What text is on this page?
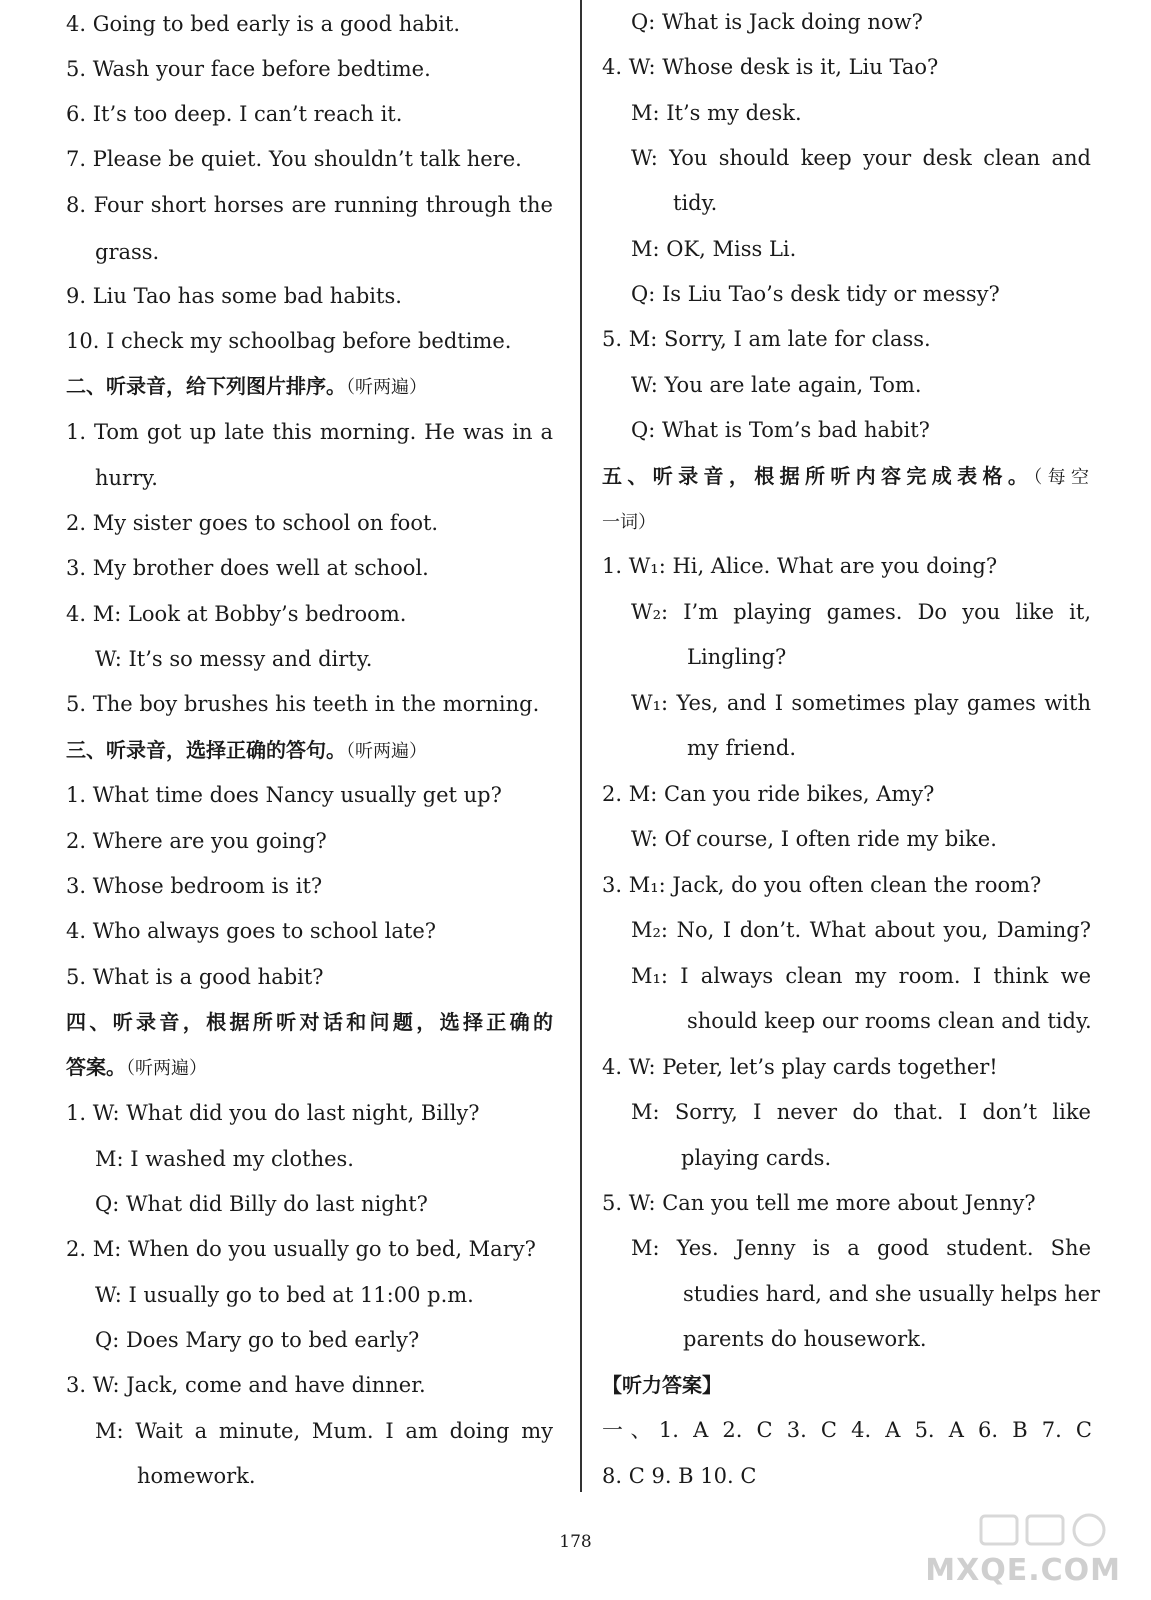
4. Going to bed early is a good habit.
5. Wash your face before bedtime.
6. It’s too deep. I can’t reach it.
7. Please be quiet. You shouldn’t talk here.
8. Four short horses are running through the
grass.
9. Liu Tao has some bad habits.
10. I check my schoolbag before bedtime.
二、听录音，给下列图片排序。（听两遍）
1. Tom got up late this morning. He was in a
hurry.
2. My sister goes to school on foot.
3. My brother does well at school.
4. M: Look at Bobby’s bedroom.
W: It’s so messy and dirty.
5. The boy brushes his teeth in the morning.
三、听录音，选择正确的答句。（听两遍）
1. What time does Nancy usually get up?
2. Where are you going?
3. Whose bedroom is it?
4. Who always goes to school late?
5. What is a good habit?
四、听录音，根据所听对话和问题，选择正确的
答案。（听两遍）
1. W: What did you do last night, Billy?
M: I washed my clothes.
Q: What did Billy do last night?
2. M: When do you usually go to bed, Mary?
W: I usually go to bed at 11:00 p.m.
Q: Does Mary go to bed early?
3. W: Jack, come and have dinner.
M: Wait a minute, Mum. I am doing my
homework.
Q: What is Jack doing now?
4. W: Whose desk is it, Liu Tao?
M: It’s my desk.
W: You should keep your desk clean and
tidy.
M: OK, Miss Li.
Q: Is Liu Tao’s desk tidy or messy?
5. M: Sorry, I am late for class.
W: You are late again, Tom.
Q: What is Tom’s bad habit?
五、听录音，根据所听内容完成表格。（每空
一词）
1. W₁: Hi, Alice. What are you doing?
W₂: I’m playing games. Do you like it,
Lingling?
W₁: Yes, and I sometimes play games with
my friend.
2. M: Can you ride bikes, Amy?
W: Of course, I often ride my bike.
3. M₁: Jack, do you often clean the room?
M₂: No, I don’t. What about you, Daming?
M₁: I always clean my room. I think we
should keep our rooms clean and tidy.
4. W: Peter, let’s play cards together!
M: Sorry, I never do that. I don’t like
playing cards.
5. W: Can you tell me more about Jenny?
M: Yes. Jenny is a good student. She
studies hard, and she usually helps her
parents do housework.
【听力答案】
一、1. A 2. C 3. C 4. A 5. A 6. B 7. C
8. C 9. B 10. C
178
MXQE.COM
